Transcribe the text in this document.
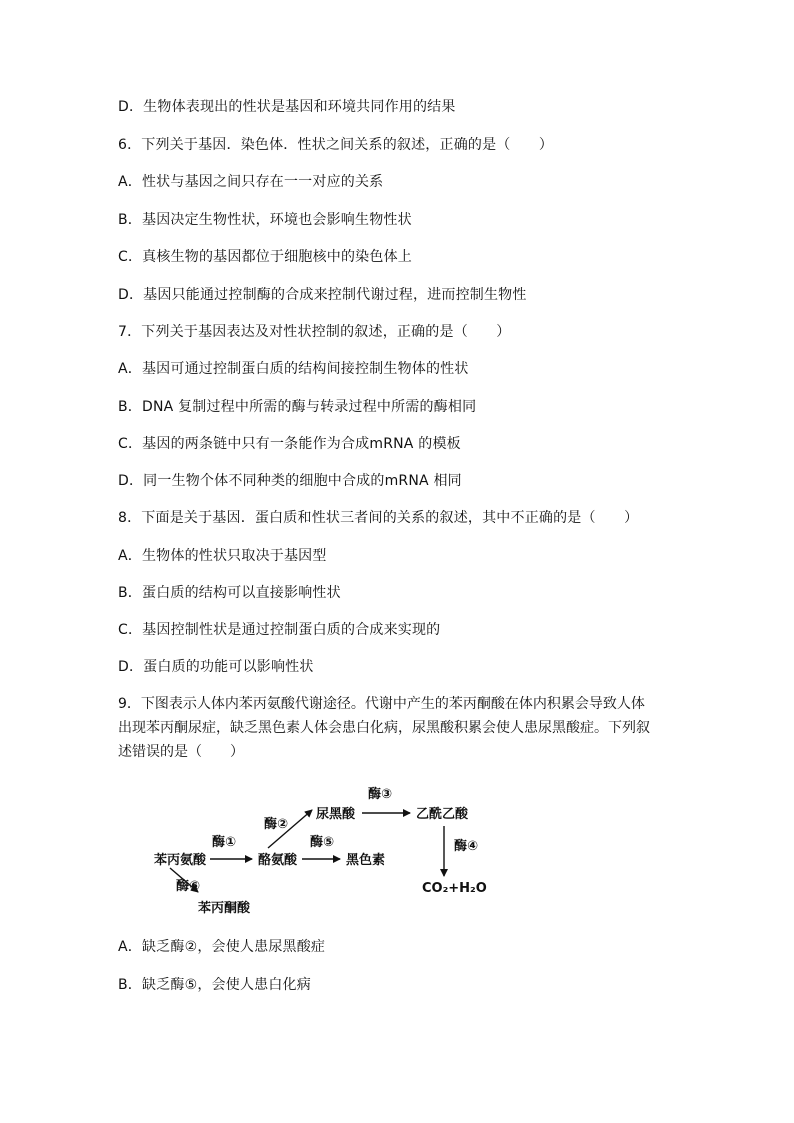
D．生物体表现出的性状是基因和环境共同作用的结果
6．下列关于基因．染色体．性状之间关系的叙述，正确的是（　　）
A．性状与基因之间只存在一一对应的关系
B．基因决定生物性状，环境也会影响生物性状
C．真核生物的基因都位于细胞核中的染色体上
D．基因只能通过控制酶的合成来控制代谢过程，进而控制生物性
7．下列关于基因表达及对性状控制的叙述，正确的是（　　）
A．基因可通过控制蛋白质的结构间接控制生物体的性状
B．DNA 复制过程中所需的酶与转录过程中所需的酶相同
C．基因的两条链中只有一条能作为合成mRNA 的模板
D．同一生物个体不同种类的细胞中合成的mRNA 相同
8．下面是关于基因．蛋白质和性状三者间的关系的叙述，其中不正确的是（　　）
A．生物体的性状只取决于基因型
B．蛋白质的结构可以直接影响性状
C．基因控制性状是通过控制蛋白质的合成来实现的
D．蛋白质的功能可以影响性状
9．下图表示人体内苯丙氨酸代谢途径。代谢中产生的苯丙酮酸在体内积累会导致人体
出现苯丙酮尿症，缺乏黑色素人体会患白化病，尿黑酸积累会使人患尿黑酸症。下列叙
述错误的是（　　）
苯丙氨酸	酪氨酸
尿黑酸	乙酰乙酸
黑色素
苯丙酮酸
CO₂+H₂O
酶①
酶②
酶③
酶④
酶⑤
酶⑥
A．缺乏酶②，会使人患尿黑酸症
B．缺乏酶⑤，会使人患白化病
